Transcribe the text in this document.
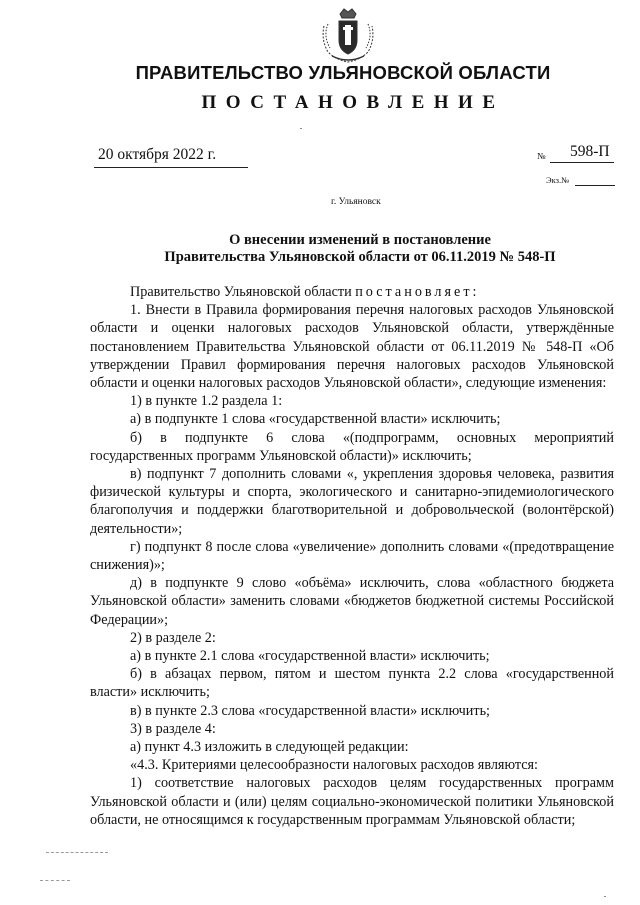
ПРАВИТЕЛЬСТВО УЛЬЯНОВСКОЙ ОБЛАСТИ
ПОСТАНОВЛЕНИЕ
20 октября 2022 г.	№ 598-П
Экз.№
г. Ульяновск
О внесении изменений в постановление
Правительства Ульяновской области от 06.11.2019 № 548-П

Правительство Ульяновской области постановляет:

1. Внести в Правила формирования перечня налоговых расходов Ульяновской области и оценки налоговых расходов Ульяновской области, утверждённые постановлением Правительства Ульяновской области от 06.11.2019 № 548-П «Об утверждении Правил формирования перечня налоговых расходов Ульяновской области и оценки налоговых расходов Ульяновской области», следующие изменения:

1) в пункте 1.2 раздела 1:

а) в подпункте 1 слова «государственной власти» исключить;

б) в подпункте 6 слова «(подпрограмм, основных мероприятий государственных программ Ульяновской области)» исключить;

в) подпункт 7 дополнить словами «, укрепления здоровья человека, развития физической культуры и спорта, экологического и санитарно-эпидемиологического благополучия и поддержки благотворительной и добровольческой (волонтёрской) деятельности»;

г) подпункт 8 после слова «увеличение» дополнить словами «(предотвращение снижения)»;

д) в подпункте 9 слово «объёма» исключить, слова «областного бюджета Ульяновской области» заменить словами «бюджетов бюджетной системы Российской Федерации»;

2) в разделе 2:

а) в пункте 2.1 слова «государственной власти» исключить;

б) в абзацах первом, пятом и шестом пункта 2.2 слова «государственной власти» исключить;

в) в пункте 2.3 слова «государственной власти» исключить;

3) в разделе 4:

а) пункт 4.3 изложить в следующей редакции:

«4.3. Критериями целесообразности налоговых расходов являются:

1) соответствие налоговых расходов целям государственных программ Ульяновской области и (или) целям социально-экономической политики Ульяновской области, не относящимся к государственным программам Ульяновской области;
